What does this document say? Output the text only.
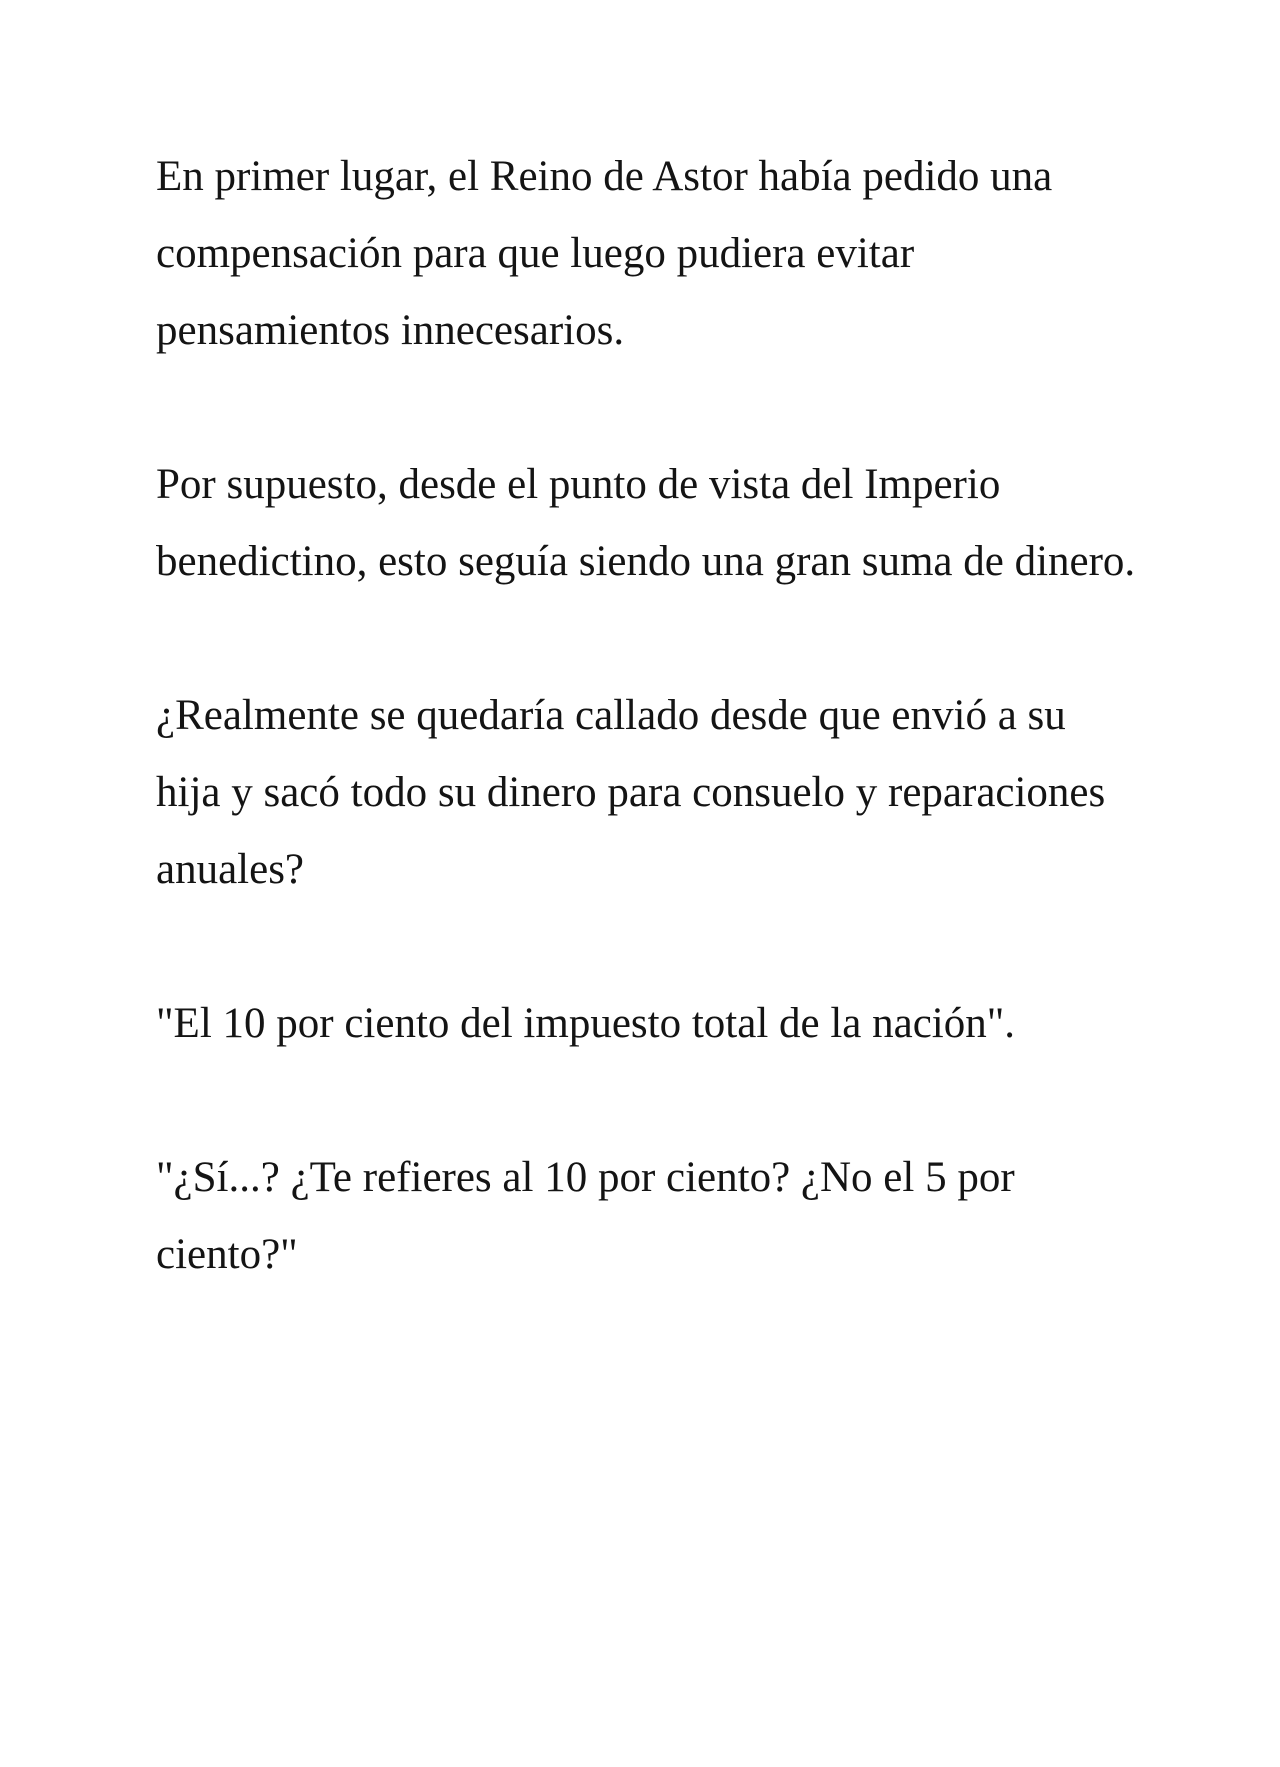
En primer lugar, el Reino de Astor había pedido una compensación para que luego pudiera evitar pensamientos innecesarios.

Por supuesto, desde el punto de vista del Imperio benedictino, esto seguía siendo una gran suma de dinero.

¿Realmente se quedaría callado desde que envió a su hija y sacó todo su dinero para consuelo y reparaciones anuales?

"El 10 por ciento del impuesto total de la nación".

"¿Sí...? ¿Te refieres al 10 por ciento? ¿No el 5 por ciento?"
